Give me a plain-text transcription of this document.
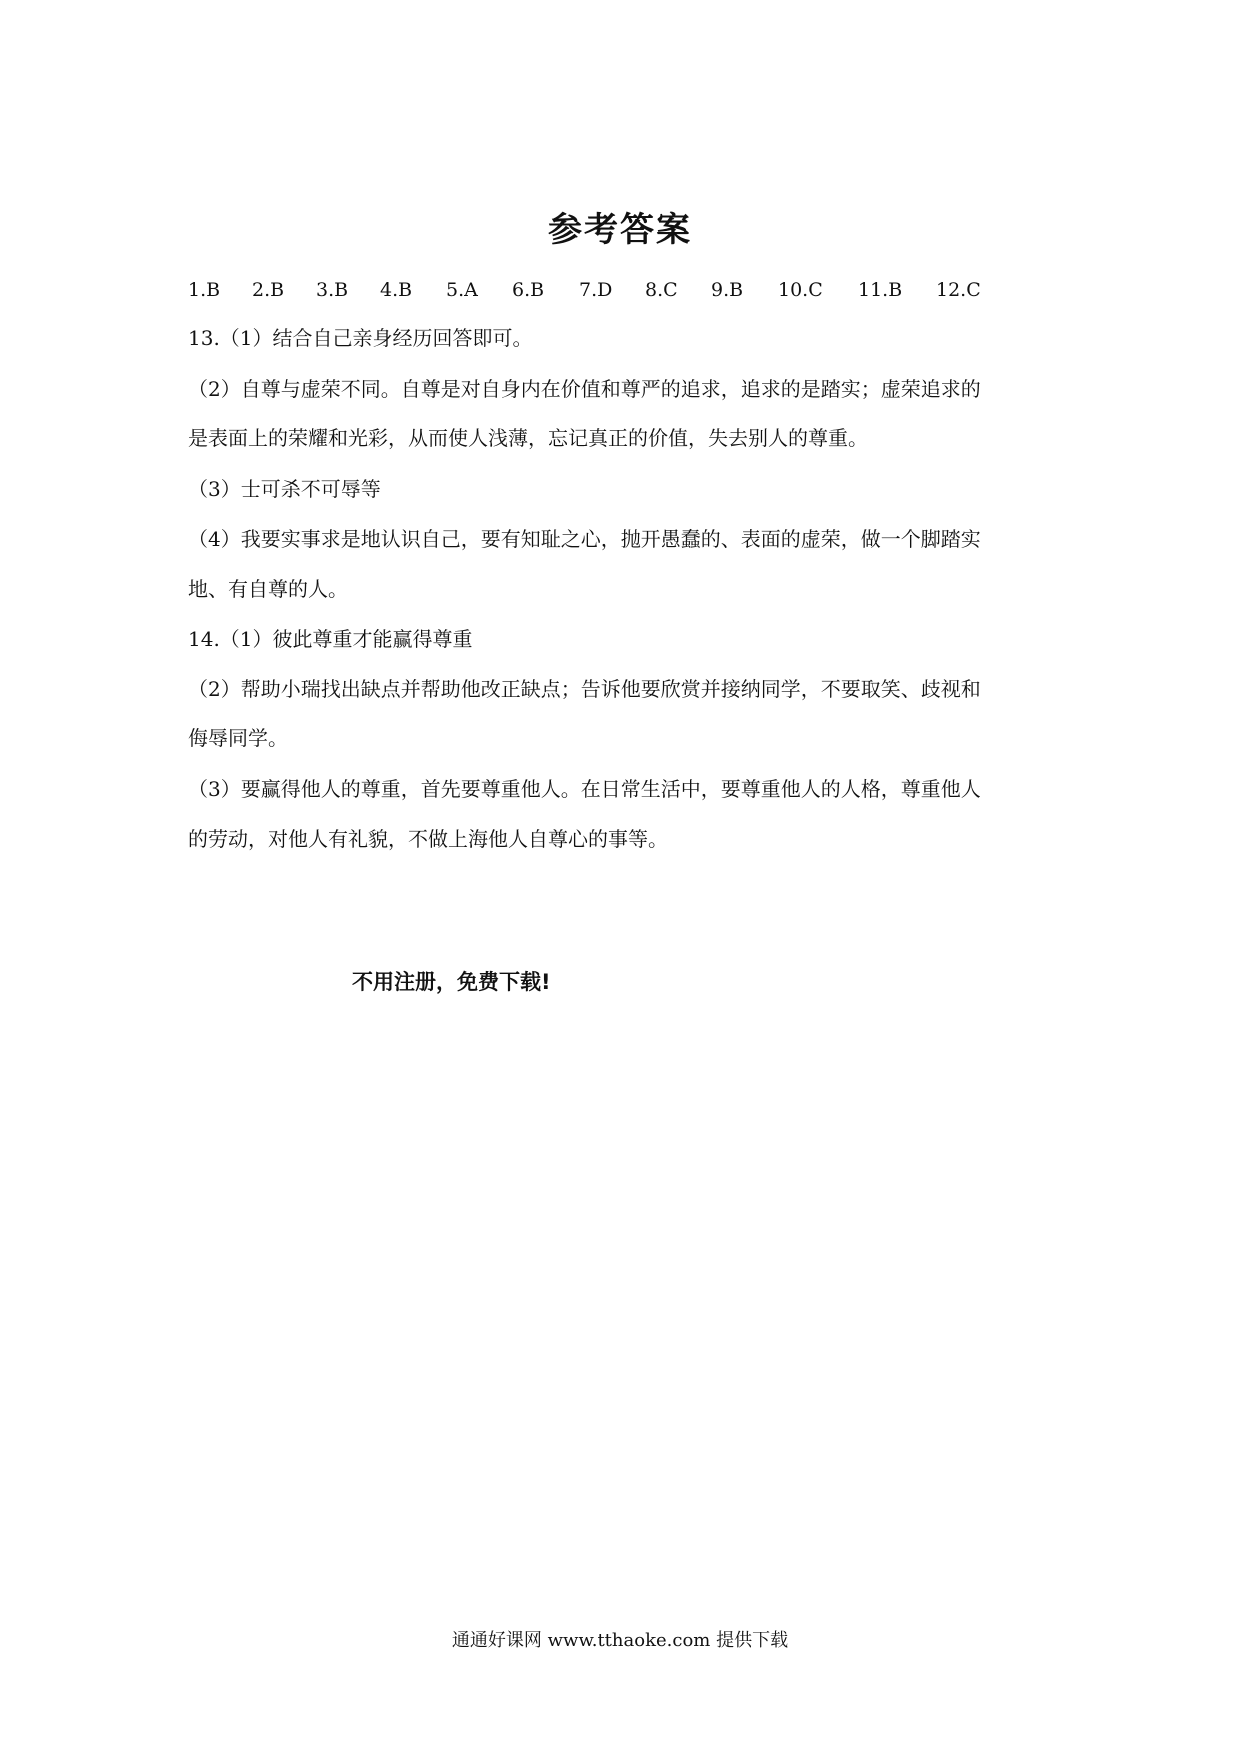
参考答案
1.B 2.B 3.B 4.B 5.A 6.B 7.D 8.C 9.B 10.C 11.B 12.C
13.（1）结合自己亲身经历回答即可。
（2）自尊与虚荣不同。自尊是对自身内在价值和尊严的追求，追求的是踏实；虚荣追求的
是表面上的荣耀和光彩，从而使人浅薄，忘记真正的价值，失去别人的尊重。
（3）士可杀不可辱等
（4）我要实事求是地认识自己，要有知耻之心，抛开愚蠢的、表面的虚荣，做一个脚踏实
地、有自尊的人。
14.（1）彼此尊重才能赢得尊重
（2）帮助小瑞找出缺点并帮助他改正缺点；告诉他要欣赏并接纳同学，不要取笑、歧视和
侮辱同学。
（3）要赢得他人的尊重，首先要尊重他人。在日常生活中，要尊重他人的人格，尊重他人
的劳动，对他人有礼貌，不做上海他人自尊心的事等。
不用注册，免费下载!
通通好课网 www.tthaoke.com 提供下载
